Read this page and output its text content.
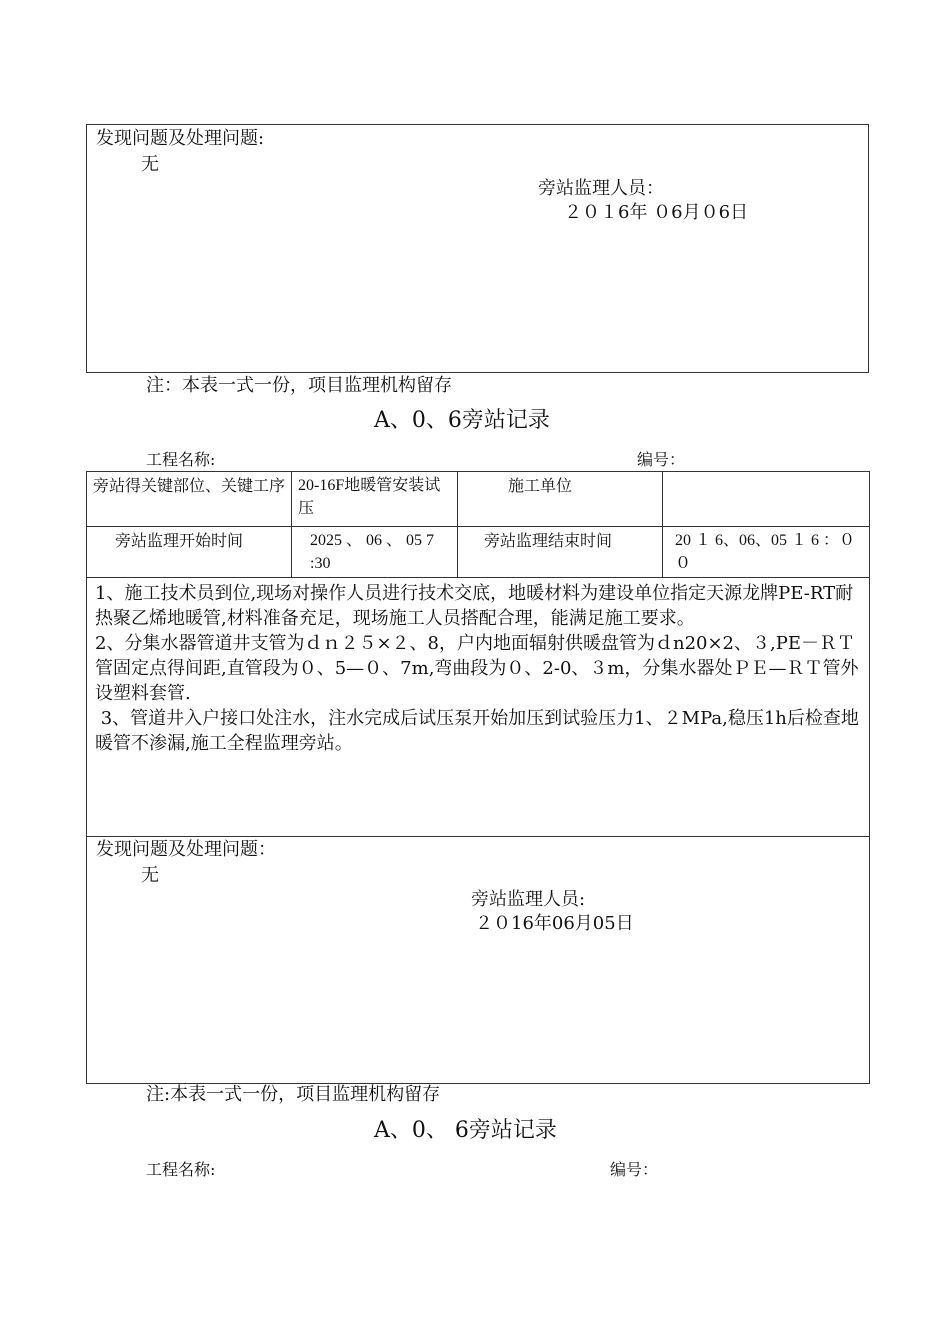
发现问题及处理问题:
无
旁站监理人员：
２０１6年 ０6月０6日
注：本表一式一份，项目监理机构留存
A、0、6旁站记录
工程名称:	编号：
旁站得关键部位、关键工序	20-16F地暖管安装试压	施工单位	
旁站监理开始时间	2025 、 06 、 05 7 :30	旁站监理结束时间	20 １ 6、06、05 １ 6 ：００

1、施工技术员到位,现场对操作人员进行技术交底，地暖材料为建设单位指定天源龙牌PE-RT耐热聚乙烯地暖管,材料准备充足，现场施工人员搭配合理，能满足施工要求。
2、分集水器管道井支管为ｄｎ２５×２、8，户内地面辐射供暖盘管为ｄn20×2、３,PE－ＲＴ管固定点得间距,直管段为０、5—０、7m,弯曲段为０、2-0、３m，分集水器处ＰＥ—ＲＴ管外设塑料套管.
3、管道井入户接口处注水，注水完成后试压泵开始加压到试验压力1、２MPa,稳压1h后检查地暖管不渗漏,施工全程监理旁站。			

发现问题及处理问题：
无
旁站监理人员:
２０16年06月05日			
注:本表一式一份，项目监理机构留存
A、0、 6旁站记录
工程名称:	编号：
